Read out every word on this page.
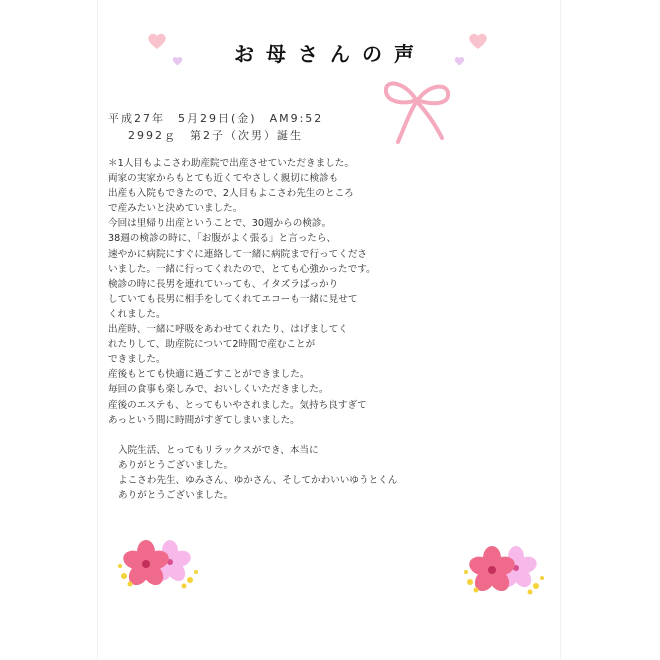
お母さんの声
平成27年　5月29日(金)　AM9:52
2992ｇ　第2子（次男）誕生
＊1人目もよこさわ助産院で出産させていただきました。
両家の実家からもとても近くてやさしく親切に検診も
出産も入院もできたので、2人目もよこさわ先生のところ
で産みたいと決めていました。
今回は里帰り出産ということで、30週からの検診。
38週の検診の時に、「お腹がよく張る」と言ったら、
速やかに病院にすぐに連絡して一緒に病院まで行ってくださ
いました。一緒に行ってくれたので、とても心強かったです。
検診の時に長男を連れていっても、イタズラばっかり
していても長男に相手をしてくれてエコーも一緒に見せて
くれました。
出産時、一緒に呼吸をあわせてくれたり、はげましてく
れたりして、助産院について2時間で産むことが
できました。
産後もとても快適に過ごすことができました。
毎回の食事も楽しみで、おいしくいただきました。
産後のエステも、とってもいやされました。気持ち良すぎて
あっという間に時間がすぎてしまいました。

入院生活、とってもリラックスができ、本当に
ありがとうございました。
よこさわ先生、ゆみさん、ゆかさん、そしてかわいいゆうとくん
ありがとうございました。
